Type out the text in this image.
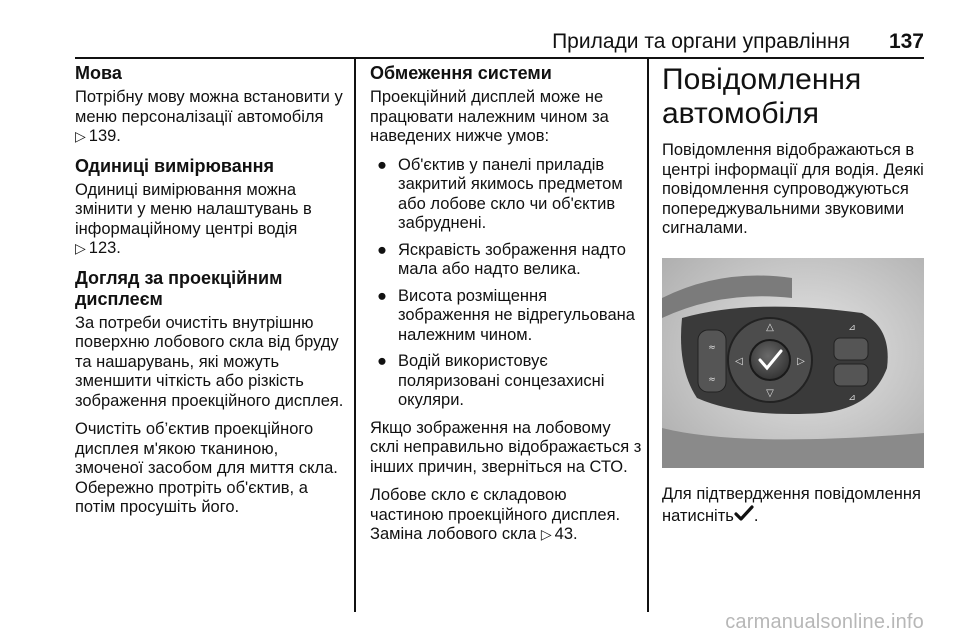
Прилади та органи управління 137
Мова
Потрібну мову можна встановити у меню персоналізації автомобіля
▷ 139.
Одиниці вимірювання
Одиниці вимірювання можна змінити у меню налаштувань в інформаційному центрі водія
▷ 123.
Догляд за проекційним дисплеєм
За потреби очистіть внутрішню поверхню лобового скла від бруду та нашарувань, які можуть зменшити чіткість або різкість зображення проекційного дисплея.
Очистіть об’єктив проекційного дисплея м'якою тканиною, змоченої засобом для миття скла. Обережно протріть об'єктив, а потім просушіть його.
Обмеження системи
Проекційний дисплей може не працювати належним чином за наведених нижче умов:
● Об'єктив у панелі приладів закритий якимось предметом або лобове скло чи об'єктив забруднені.
● Яскравість зображення надто мала або надто велика.
● Висота розміщення зображення не відрегульована належним чином.
● Водій використовує поляризовані сонцезахисні окуляри.
Якщо зображення на лобовому склі неправильно відображається з інших причин, зверніться на СТО.
Лобове скло є складовою частиною проекційного дисплея. Заміна лобового скла ▷ 43.
Повідомлення автомобіля
Повідомлення відображаються в центрі інформації для водія. Деякі повідомлення супроводжуються попереджувальними звуковими сигналами.
≈
≈
△
▽
◁	▷
⊿
⊿
Для підтвердження повідомлення натисніть .
carmanualsonline.info
